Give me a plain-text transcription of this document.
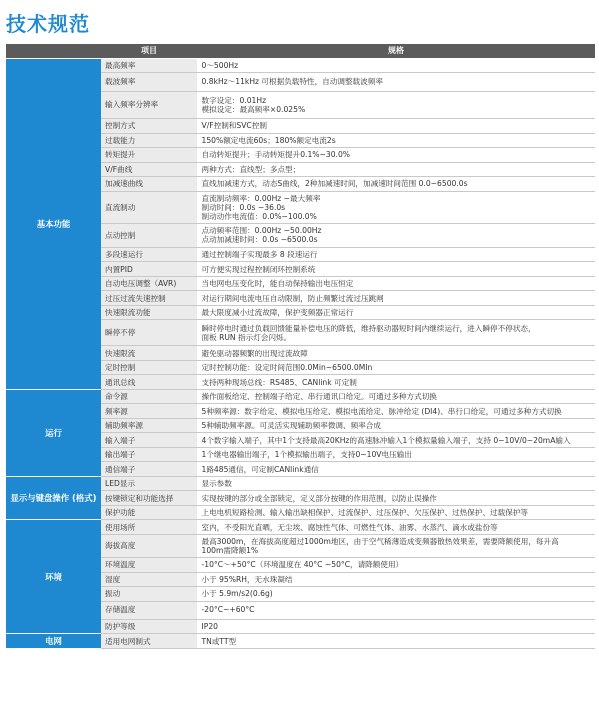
技术规范
	项目	规格
基本功能	最高频率	0～500Hz

	载波频率	0.8kHz～11kHz 可根据负载特性，自动调整载波频率

	输入频率分辨率	数字设定：0.01Hz
模拟设定：最高频率×0.025%

	控制方式	V/F控制和SVC控制

	过载能力	150%额定电流60s；180%额定电流2s

	转矩提升	自动转矩提升；手动转矩提升0.1%~30.0%

	V/F曲线	两种方式：直线型；多点型；

	加减速曲线	直线加减速方式，动态S曲线，2种加减速时间，加减速时间范围 0.0~6500.0s

	直流制动	直流制动频率：0.00Hz ~最大频率
制动时间：0.0s ~36.0s
制动动作电流值：0.0%~100.0%

	点动控制	点动频率范围：0.00Hz ~50.00Hz
点动加减速时间：0.0s ~6500.0s

	多段速运行	通过控制端子实现最多 8 段速运行

	内置PID	可方便实现过程控制闭环控制系统

	自动电压调整（AVR)	当电网电压变化时，能自动保持输出电压恒定

	过压过流失速控制	对运行期间电流电压自动限制，防止频繁过流过压跳闸

	快速限流功能	最大限度减小过流故障，保护变频器正常运行

	瞬停不停	瞬时停电时通过负载回馈能量补偿电压的降低，维持驱动器短时间内继续运行，进入瞬停不停状态，
面板 RUN 指示灯会闪烁。

	快速限流	避免驱动器频繁的出现过流故障

	定时控制	定时控制功能：设定时间范围0.0Min~6500.0MIn

	通讯总线	支持两种现场总线：RS485、CANlink 可定制

运行	命令源	操作面板给定、控制端子给定、串行通讯口给定。可通过多种方式切换

	频率源	5种频率源：数字给定、模拟电压给定、模拟电流给定、脉冲给定 (DI4)、串行口给定，可通过多种方式切换

	辅助频率源	5种辅助频率源。可灵活实现辅助频率微调、频率合成

	输入端子	4个数字输入端子，其中1个支持最高20KHz的高速脉冲输入1个模拟量输入端子，支持 0~10V/0~20mA输入

	输出端子	1个继电器输出端子，1个模拟输出端子，支持0~10V电压输出

	通信端子	1路485通信，可定制CANlink通信

显示与键盘操作 (格式)	LED显示	显示参数

	按键锁定和功能选择	实现按键的部分或全部锁定，定义部分按键的作用范围，以防止误操作

	保护功能	上电电机短路检测、输入输出缺相保护、过流保护、过压保护、欠压保护、过热保护、过载保护等

环境	使用场所	室内，不受阳光直晒，无尘埃、腐蚀性气体、可燃性气体、油雾、水蒸汽、滴水或盐份等

	海拔高度	最高3000m，在海拔高度超过1000m地区，由于空气稀薄造成变频器散热效果差，需要降额使用，每升高
100m需降额1%

	环境温度	-10°C～+50°C（环境温度在 40°C ~50°C，请降额使用）

	湿度	小于 95%RH，无水珠凝结

	振动	小于 5.9m/s2(0.6g)

	存储温度	-20°C~+60°C

	防护等级	IP20

电网	适用电网制式	TN或TT型
